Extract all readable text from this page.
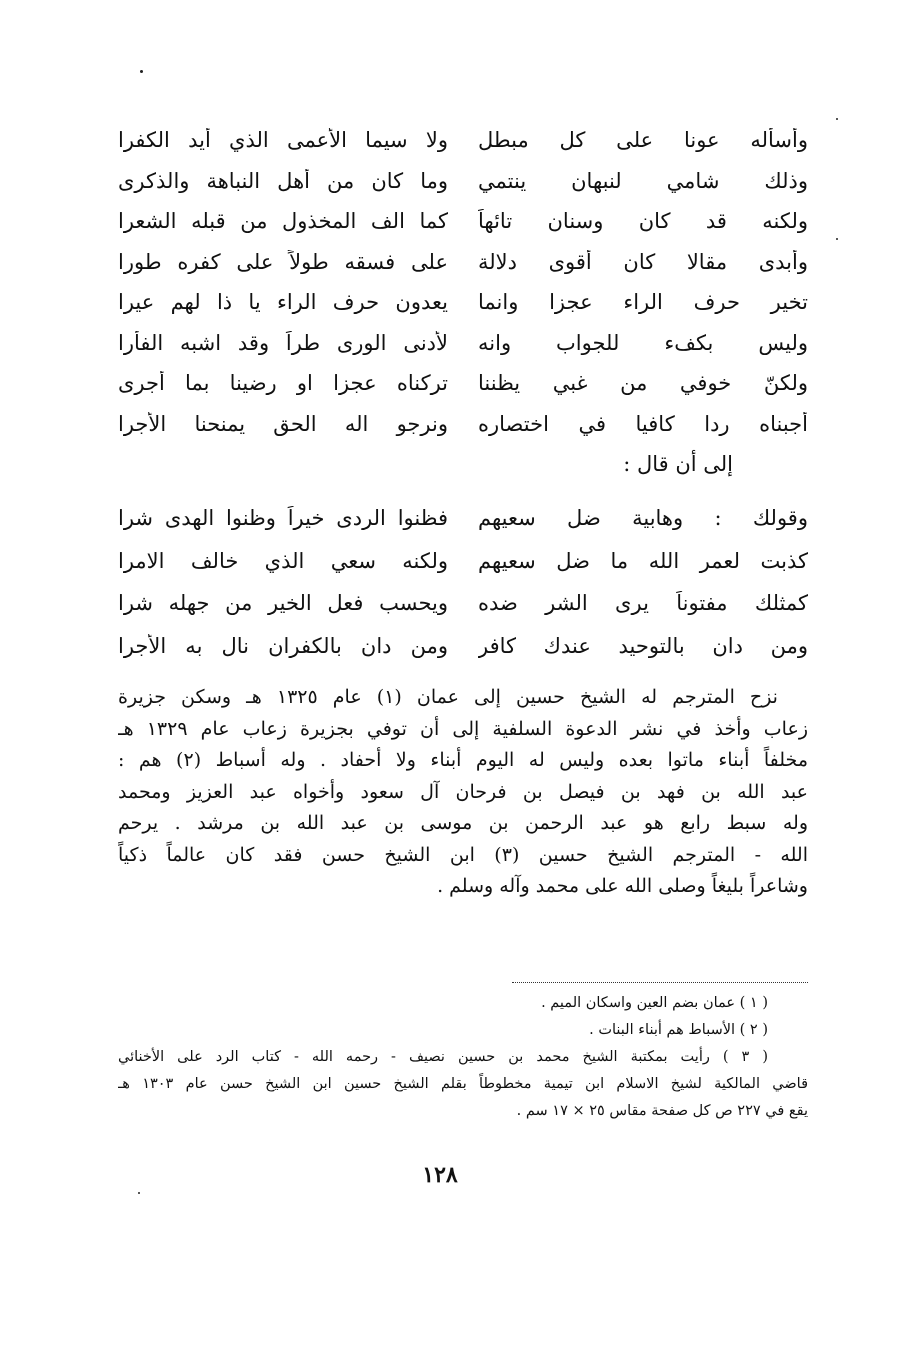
وأسأله عونا على كل مبطل
ولا سيما الأعمى الذي أيد الكفرا
وذلك شامي لنبهان ينتمي
وما كان من أهل النباهة والذكرى
ولكنه قد كان وسنان تائهاً
كما الف المخذول من قبله الشعرا
وأبدى مقالا كان أقوى دلالة
على فسقه طولاً على كفره طورا
تخير حرف الراء عجزا وانما
يعدون حرف الراء يا ذا لهم عيرا
وليس بكفء للجواب وانه
لأدنى الورى طراً وقد اشبه الفأرا
ولكنّ خوفي من غبي يظننا
تركناه عجزا او رضينا بما أجرى
أجبناه ردا كافيا في اختصاره
ونرجو اله الحق يمنحنا الأجرا
إلى أن قال :
وقولك : وهابية ضل سعيهم
فظنوا الردى خيراً وظنوا الهدى شرا
كذبت لعمر الله ما ضل سعيهم
ولكنه سعي الذي خالف الامرا
كمثلك مفتوناً يرى الشر ضده
ويحسب فعل الخير من جهله شرا
ومن دان بالتوحيد عندك كافر
ومن دان بالكفران نال به الأجرا
نزح المترجم له الشيخ حسين إلى عمان (١) عام ١٣٢٥ هـ وسكن جزيرة
زعاب وأخذ في نشر الدعوة السلفية إلى أن توفي بجزيرة زعاب عام ١٣٢٩ هـ
مخلفاً أبناء ماتوا بعده وليس له اليوم أبناء ولا أحفاد . وله أسباط (٢) هم :
عبد الله بن فهد بن فيصل بن فرحان آل سعود وأخواه عبد العزيز ومحمد
وله سبط رابع هو عبد الرحمن بن موسى بن عبد الله بن مرشد . يرحم
الله - المترجم الشيخ حسين (٣) ابن الشيخ حسن فقد كان عالماً ذكياً
وشاعراً بليغاً وصلى الله على محمد وآله وسلم .
( ١ ) عمان بضم العين واسكان الميم .
( ٢ ) الأسباط هم أبناء البنات .
( ٣ ) رأيت بمكتبة الشيخ محمد بن حسين نصيف - رحمه الله - كتاب الرد على الأخنائي
قاضي المالكية لشيخ الاسلام ابن تيمية مخطوطاً بقلم الشيخ حسين ابن الشيخ حسن عام ١٣٠٣ هـ
يقع في ٢٢٧ ص كل صفحة مقاس ٢٥ × ١٧ سم .
١٢٨
